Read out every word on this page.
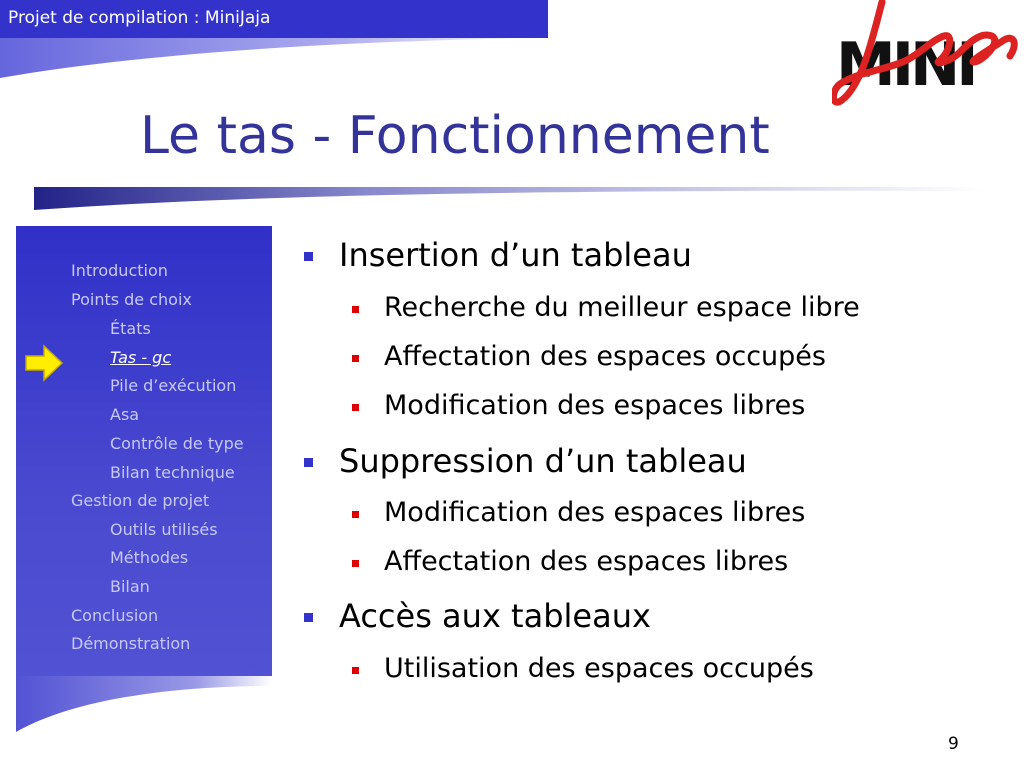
Projet de compilation : MiniJaja
MINI
Le tas - Fonctionnement
Introduction
Points de choix
États
Tas - gc
Pile d’exécution
Asa
Contrôle de type
Bilan technique
Gestion de projet
Outils utilisés
Méthodes
Bilan
Conclusion
Démonstration
Insertion d’un tableau
Recherche du meilleur espace libre
Affectation des espaces occupés
Modification des espaces libres
Suppression d’un tableau
Modification des espaces libres
Affectation des espaces libres
Accès aux tableaux
Utilisation des espaces occupés
9
